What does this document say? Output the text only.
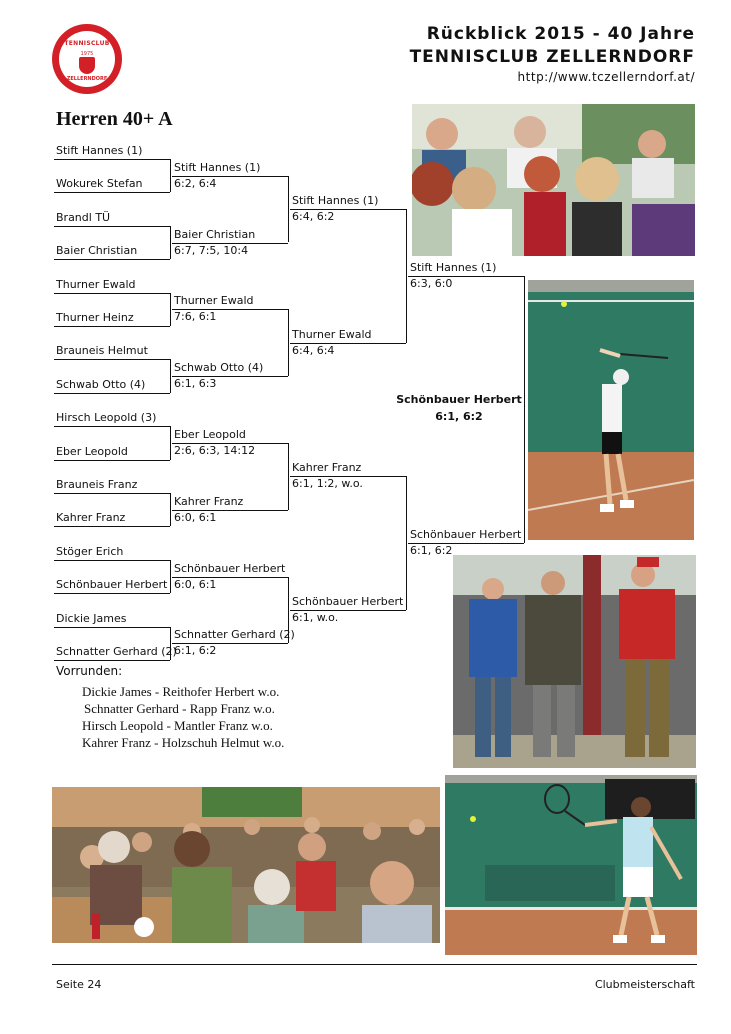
TENNISCLUB
1975
ZELLERNDORF
Rückblick 2015 - 40 Jahre
TENNISCLUB ZELLERNDORF
http://www.tczellerndorf.at/
Herren 40+ A
Stift Hannes (1)
Wokurek Stefan
Brandl TÜ
Baier Christian
Thurner Ewald
Thurner Heinz
Brauneis Helmut
Schwab Otto (4)
Hirsch Leopold (3)
Eber Leopold
Brauneis Franz
Kahrer Franz
Stöger Erich
Schönbauer Herbert
Dickie James
Schnatter Gerhard (2)
Stift Hannes (1)
6:2, 6:4
Baier Christian
6:7, 7:5, 10:4
Thurner Ewald
7:6, 6:1
Schwab Otto (4)
6:1, 6:3
Eber Leopold
2:6, 6:3, 14:12
Kahrer Franz
6:0, 6:1
Schönbauer Herbert
6:0, 6:1
Schnatter Gerhard (2)
6:1, 6:2
Stift Hannes (1)
6:4, 6:2
Thurner Ewald
6:4, 6:4
Kahrer Franz
6:1, 1:2, w.o.
Schönbauer Herbert
6:1, w.o.
Stift Hannes (1)
6:3, 6:0
Schönbauer Herbert
6:1, 6:2
Schönbauer Herbert
6:1, 6:2
Vorrunden:
Dickie James - Reithofer Herbert w.o.
Schnatter Gerhard - Rapp Franz w.o.
Hirsch Leopold - Mantler Franz w.o.
Kahrer Franz - Holzschuh Helmut w.o.
Seite 24	Clubmeisterschaft
